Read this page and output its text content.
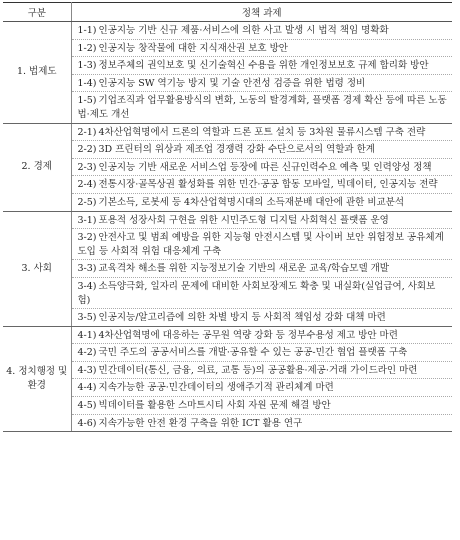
구분	정책 과제
1. 법제도	1-1) 인공지능 기반 신규 제품·서비스에 의한 사고 발생 시 법적 책임 명확화
	1-2) 인공지능 창작물에 대한 지식재산권 보호 방안
	1-3) 정보주체의 권익보호 및 신기술혁신 수용을 위한 개인정보보호 규제 합리화 방안
	1-4) 인공지능 SW 역기능 방지 및 기술 안전성 검증을 위한 법령 정비
	1-5) 기업조직과 업무활용방식의 변화, 노동의 탈경계화, 플랫폼 경제 확산 등에 따른 노동법·제도 개선
2. 경제	2-1) 4차산업혁명에서 드론의 역할과 드론 포트 설치 등 3차원 물류시스템 구축 전략
	2-2) 3D 프린터의 위상과 제조업 경쟁력 강화 수단으로서의 역할과 한계
	2-3) 인공지능 기반 새로운 서비스업 등장에 따른 신규인력수요 예측 및 인력양성 정책
	2-4) 전통시장·골목상권 활성화를 위한 민간·공공 합동 모바일, 빅데이터, 인공지능 전략
	2-5) 기본소득, 로봇세 등 4차산업혁명시대의 소득재분배 대안에 관한 비교분석
3. 사회	3-1) 포용적 성장사회 구현을 위한 시민주도형 디지털 사회혁신 플랫폼 운영
	3-2) 안전사고 및 범죄 예방을 위한 지능형 안전시스템 및 사이버 보안 위험정보 공유체계 도입 등 사회적 위험 대응체계 구축
	3-3) 교육격차 해소를 위한 지능정보기술 기반의 새로운 교육/학습모델 개발
	3-4) 소득양극화, 일자리 문제에 대비한 사회보장제도 확충 및 내실화(실업급여, 사회보험)
	3-5) 인공지능/알고리즘에 의한 차별 방지 등 사회적 책임성 강화 대책 마련
4. 정치행정 및 환경	4-1) 4차산업혁명에 대응하는 공무원 역량 강화 등 정부수용성 제고 방안 마련
	4-2) 국민 주도의 공공서비스를 개발·공유할 수 있는 공공-민간 협업 플랫폼 구축
	4-3) 민간데이터(통신, 금융, 의료, 교통 등)의 공공활용·제공·거래 가이드라인 마련
	4-4) 지속가능한 공공·민간데이터의 생애주기적 관리체계 마련
	4-5) 빅데이터를 활용한 스마트시티 사회 자원 문제 해결 방안
	4-6) 지속가능한 안전 환경 구축을 위한 ICT 활용 연구
